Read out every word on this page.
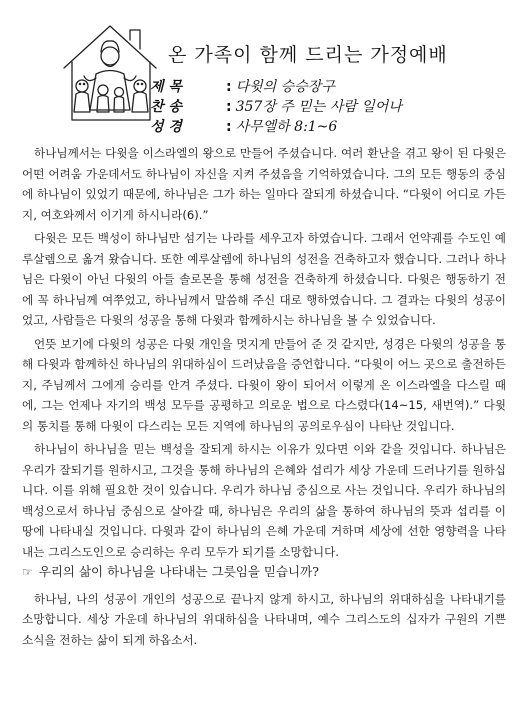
온 가족이 함께 드리는 가정예배
제 목	: 다윗의 승승장구
찬 송	: 357장 주 믿는 사람 일어나
성 경	: 사무엘하 8:1~6

하나님께서는 다윗을 이스라엘의 왕으로 만들어 주셨습니다. 여러 환난을 겪고 왕이 된 다윗은 어떤 어려움 가운데서도 하나님이 자신을 지켜 주셨음을 기억하였습니다. 그의 모든 행동의 중심에 하나님이 있었기 때문에, 하나님은 그가 하는 일마다 잘되게 하셨습니다. “다윗이 어디로 가든지, 여호와께서 이기게 하시니라(6).”

다윗은 모든 백성이 하나님만 섬기는 나라를 세우고자 하였습니다. 그래서 언약궤를 수도인 예루살렘으로 옮겨 왔습니다. 또한 예루살렘에 하나님의 성전을 건축하고자 했습니다. 그러나 하나님은 다윗이 아닌 다윗의 아들 솔로몬을 통해 성전을 건축하게 하셨습니다. 다윗은 행동하기 전에 꼭 하나님께 여쭈었고, 하나님께서 말씀해 주신 대로 행하였습니다. 그 결과는 다윗의 성공이었고, 사람들은 다윗의 성공을 통해 다윗과 함께하시는 하나님을 볼 수 있었습니다.

언뜻 보기에 다윗의 성공은 다윗 개인을 멋지게 만들어 준 것 같지만, 성경은 다윗의 성공을 통해 다윗과 함께하신 하나님의 위대하심이 드러났음을 증언합니다. “다윗이 어느 곳으로 출전하든지, 주님께서 그에게 승리를 안겨 주셨다. 다윗이 왕이 되어서 이렇게 온 이스라엘을 다스릴 때에, 그는 언제나 자기의 백성 모두를 공평하고 의로운 법으로 다스렸다(14~15, 새번역).” 다윗의 통치를 통해 다윗이 다스리는 모든 지역에 하나님의 공의로우심이 나타난 것입니다.

하나님이 하나님을 믿는 백성을 잘되게 하시는 이유가 있다면 이와 같을 것입니다. 하나님은 우리가 잘되기를 원하시고, 그것을 통해 하나님의 은혜와 섭리가 세상 가운데 드러나기를 원하십니다. 이를 위해 필요한 것이 있습니다. 우리가 하나님 중심으로 사는 것입니다. 우리가 하나님의 백성으로서 하나님 중심으로 살아갈 때, 하나님은 우리의 삶을 통하여 하나님의 뜻과 섭리를 이 땅에 나타내실 것입니다. 다윗과 같이 하나님의 은혜 가운데 거하며 세상에 선한 영향력을 나타내는 그리스도인으로 승리하는 우리 모두가 되기를 소망합니다.

☞ 우리의 삶이 하나님을 나타내는 그릇임을 믿습니까?

하나님, 나의 성공이 개인의 성공으로 끝나지 않게 하시고, 하나님의 위대하심을 나타내기를 소망합니다. 세상 가운데 하나님의 위대하심을 나타내며, 예수 그리스도의 십자가 구원의 기쁜 소식을 전하는 삶이 되게 하옵소서.
